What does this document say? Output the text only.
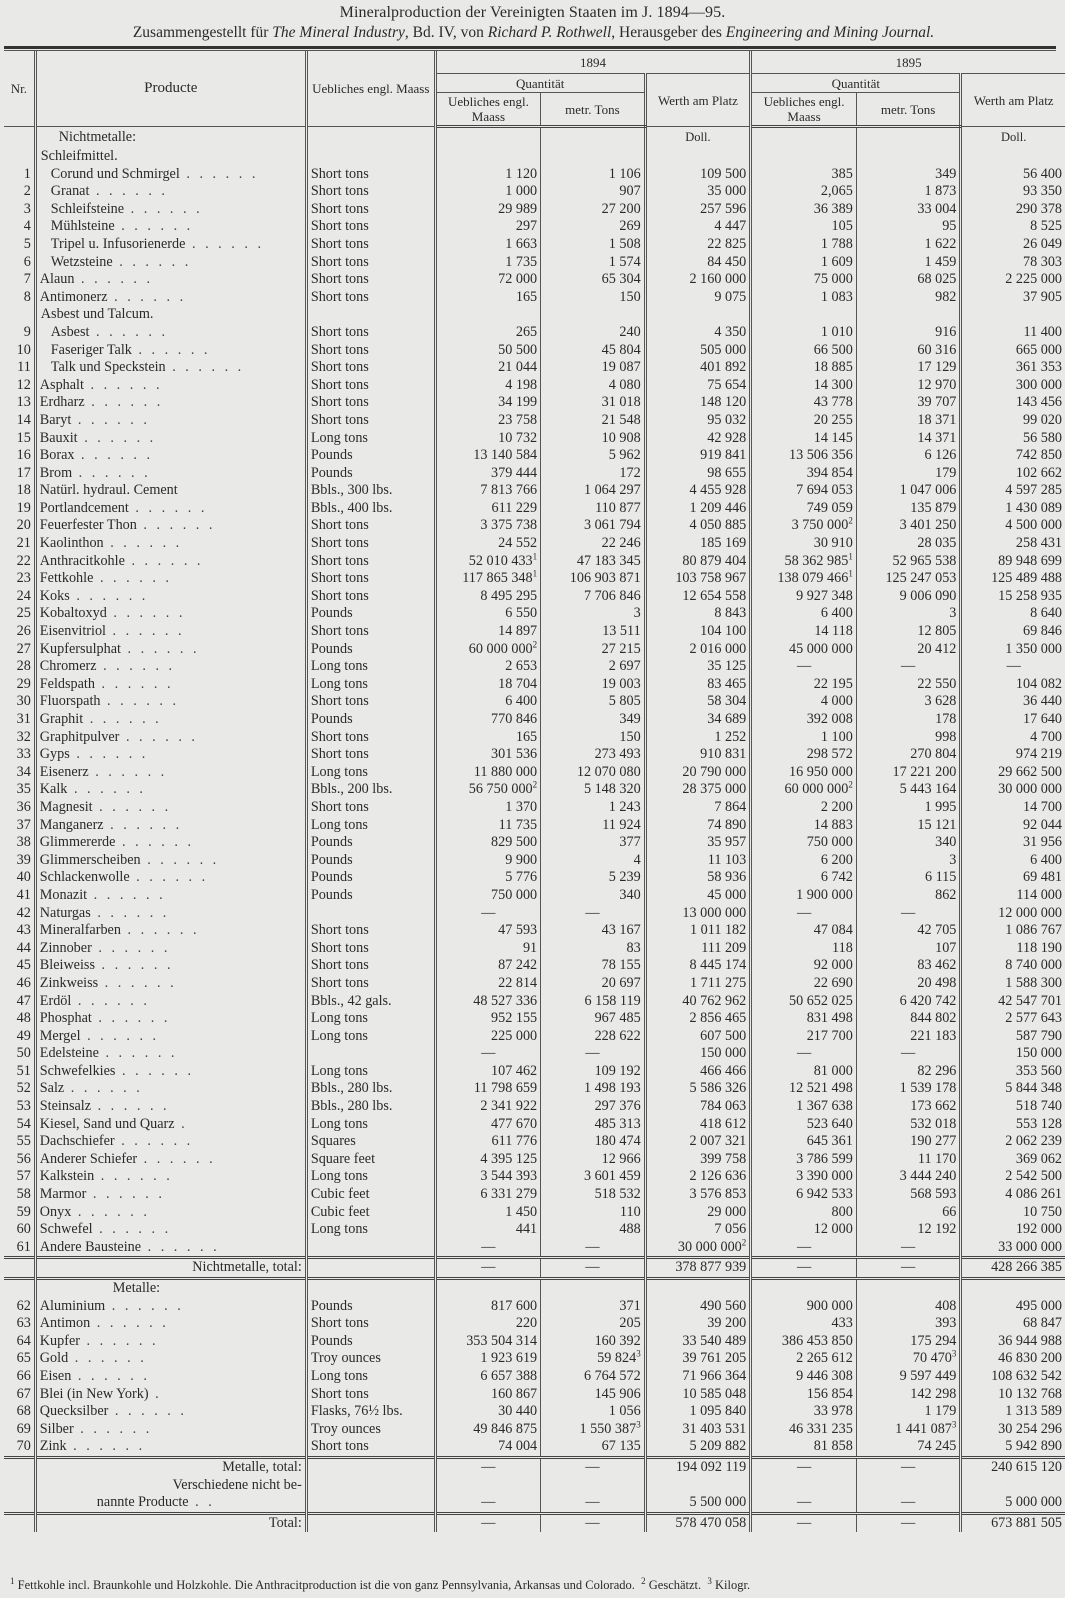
Mineralproduction der Vereinigten Staaten im J. 1894—95.
Zusammengestellt für The Mineral Industry, Bd. IV, von Richard P. Rothwell, Herausgeber des Engineering and Mining Journal.
Nr.	Producte	Uebliches engl. Maass	1894			1895		
			Quantität		Werth am Platz	Quantität		Werth am Platz
			Uebliches engl. Maass	metr. Tons		Uebliches engl. Maass	metr. Tons	
	Nichtmetalle:				Doll.			Doll.
	Schleifmittel.							
1	Corund und Schmirgel . . . . . .	Short tons	1 120	1 106	109 500	385	349	56 400
2	Granat . . . . . .	Short tons	1 000	907	35 000	2,065	1 873	93 350
3	Schleifsteine . . . . . .	Short tons	29 989	27 200	257 596	36 389	33 004	290 378
4	Mühlsteine . . . . . .	Short tons	297	269	4 447	105	95	8 525
5	Tripel u. Infusorienerde . . . . . .	Short tons	1 663	1 508	22 825	1 788	1 622	26 049
6	Wetzsteine . . . . . .	Short tons	1 735	1 574	84 450	1 609	1 459	78 303
7	Alaun . . . . . .	Short tons	72 000	65 304	2 160 000	75 000	68 025	2 225 000
8	Antimonerz . . . . . .	Short tons	165	150	9 075	1 083	982	37 905
	Asbest und Talcum.							
9	Asbest . . . . . .	Short tons	265	240	4 350	1 010	916	11 400
10	Faseriger Talk . . . . . .	Short tons	50 500	45 804	505 000	66 500	60 316	665 000
11	Talk und Speckstein . . . . . .	Short tons	21 044	19 087	401 892	18 885	17 129	361 353
12	Asphalt . . . . . .	Short tons	4 198	4 080	75 654	14 300	12 970	300 000
13	Erdharz . . . . . .	Short tons	34 199	31 018	148 120	43 778	39 707	143 456
14	Baryt . . . . . .	Short tons	23 758	21 548	95 032	20 255	18 371	99 020
15	Bauxit . . . . . .	Long tons	10 732	10 908	42 928	14 145	14 371	56 580
16	Borax . . . . . .	Pounds	13 140 584	5 962	919 841	13 506 356	6 126	742 850
17	Brom . . . . . .	Pounds	379 444	172	98 655	394 854	179	102 662
18	Natürl. hydraul. Cement	Bbls., 300 lbs.	7 813 766	1 064 297	4 455 928	7 694 053	1 047 006	4 597 285
19	Portlandcement . . . . . .	Bbls., 400 lbs.	611 229	110 877	1 209 446	749 059	135 879	1 430 089
20	Feuerfester Thon . . . . . .	Short tons	3 375 738	3 061 794	4 050 885	3 750 $000^2$	3 401 250	4 500 000
21	Kaolinthon . . . . . .	Short tons	24 552	22 246	185 169	30 910	28 035	258 431
22	Anthracitkohle . . . . . .	Short tons	52 010 $433^1$	47 183 345	80 879 404	58 362 $985^1$	52 965 538	89 948 699
23	Fettkohle . . . . . .	Short tons	117 865 $348^1$	106 903 871	103 758 967	138 079 $466^1$	125 247 053	125 489 488
24	Koks . . . . . .	Short tons	8 495 295	7 706 846	12 654 558	9 927 348	9 006 090	15 258 935
25	Kobaltoxyd . . . . . .	Pounds	6 550	3	8 843	6 400	3	8 640
26	Eisenvitriol . . . . . .	Short tons	14 897	13 511	104 100	14 118	12 805	69 846
27	Kupfersulphat . . . . . .	Pounds	60 000 $000^2$	27 215	2 016 000	45 000 000	20 412	1 350 000
28	Chromerz . . . . . .	Long tons	2 653	2 697	35 125	—	—	—
29	Feldspath . . . . . .	Long tons	18 704	19 003	83 465	22 195	22 550	104 082
30	Fluorspath . . . . . .	Short tons	6 400	5 805	58 304	4 000	3 628	36 440
31	Graphit . . . . . .	Pounds	770 846	349	34 689	392 008	178	17 640
32	Graphitpulver . . . . . .	Short tons	165	150	1 252	1 100	998	4 700
33	Gyps . . . . . .	Short tons	301 536	273 493	910 831	298 572	270 804	974 219
34	Eisenerz . . . . . .	Long tons	11 880 000	12 070 080	20 790 000	16 950 000	17 221 200	29 662 500
35	Kalk . . . . . .	Bbls., 200 lbs.	56 750 $000^2$	5 148 320	28 375 000	60 000 $000^2$	5 443 164	30 000 000
36	Magnesit . . . . . .	Short tons	1 370	1 243	7 864	2 200	1 995	14 700
37	Manganerz . . . . . .	Long tons	11 735	11 924	74 890	14 883	15 121	92 044
38	Glimmererde . . . . . .	Pounds	829 500	377	35 957	750 000	340	31 956
39	Glimmerscheiben . . . . . .	Pounds	9 900	4	11 103	6 200	3	6 400
40	Schlackenwolle . . . . . .	Pounds	5 776	5 239	58 936	6 742	6 115	69 481
41	Monazit . . . . . .	Pounds	750 000	340	45 000	1 900 000	862	114 000
42	Naturgas . . . . . .		—	—	13 000 000	—	—	12 000 000
43	Mineralfarben . . . . . .	Short tons	47 593	43 167	1 011 182	47 084	42 705	1 086 767
44	Zinnober . . . . . .	Short tons	91	83	111 209	118	107	118 190
45	Bleiweiss . . . . . .	Short tons	87 242	78 155	8 445 174	92 000	83 462	8 740 000
46	Zinkweiss . . . . . .	Short tons	22 814	20 697	1 711 275	22 690	20 498	1 588 300
47	Erdöl . . . . . .	Bbls., 42 gals.	48 527 336	6 158 119	40 762 962	50 652 025	6 420 742	42 547 701
48	Phosphat . . . . . .	Long tons	952 155	967 485	2 856 465	831 498	844 802	2 577 643
49	Mergel . . . . . .	Long tons	225 000	228 622	607 500	217 700	221 183	587 790
50	Edelsteine . . . . . .		—	—	150 000	—	—	150 000
51	Schwefelkies . . . . . .	Long tons	107 462	109 192	466 466	81 000	82 296	353 560
52	Salz . . . . . .	Bbls., 280 lbs.	11 798 659	1 498 193	5 586 326	12 521 498	1 539 178	5 844 348
53	Steinsalz . . . . . .	Bbls., 280 lbs.	2 341 922	297 376	784 063	1 367 638	173 662	518 740
54	Kiesel, Sand und Quarz .	Long tons	477 670	485 313	418 612	523 640	532 018	553 128
55	Dachschiefer . . . . . .	Squares	611 776	180 474	2 007 321	645 361	190 277	2 062 239
56	Anderer Schiefer . . . . . .	Square feet	4 395 125	12 966	399 758	3 786 599	11 170	369 062
57	Kalkstein . . . . . .	Long tons	3 544 393	3 601 459	2 126 636	3 390 000	3 444 240	2 542 500
58	Marmor . . . . . .	Cubic feet	6 331 279	518 532	3 576 853	6 942 533	568 593	4 086 261
59	Onyx . . . . . .	Cubic feet	1 450	110	29 000	800	66	10 750
60	Schwefel . . . . . .	Long tons	441	488	7 056	12 000	12 192	192 000
61	Andere Bausteine . . . . . .		—	—	30 000 $000^2$	—	—	33 000 000
	Nichtmetalle, total:		—	—	378 877 939	—	—	428 266 385
	Metalle:							
62	Aluminium . . . . . .	Pounds	817 600	371	490 560	900 000	408	495 000
63	Antimon . . . . . .	Short tons	220	205	39 200	433	393	68 847
64	Kupfer . . . . . .	Pounds	353 504 314	160 392	33 540 489	386 453 850	175 294	36 944 988
65	Gold . . . . . .	Troy ounces	1 923 619	59 $824^3$	39 761 205	2 265 612	70 $470^3$	46 830 200
66	Eisen . . . . . .	Long tons	6 657 388	6 764 572	71 966 364	9 446 308	9 597 449	108 632 542
67	Blei (in New York) .	Short tons	160 867	145 906	10 585 048	156 854	142 298	10 132 768
68	Quecksilber . . . . . .	Flasks, 76½ lbs.	30 440	1 056	1 095 840	33 978	1 179	1 313 589
69	Silber . . . . . .	Troy ounces	49 846 875	1 550 $387^3$	31 403 531	46 331 235	1 441 $087^3$	30 254 296
70	Zink . . . . . .	Short tons	74 004	67 135	5 209 882	81 858	74 245	5 942 890
	Metalle, total:		—	—	194 092 119	—	—	240 615 120
	Verschiedene nicht be-							
	nannte Producte . .		—	—	5 500 000	—	—	5 000 000
	Total:		—	—	578 470 058	—	—	673 881 505
$^1$ Fettkohle incl. Braunkohle und Holzkohle. Die Anthracitproduction ist die von ganz Pennsylvania, Arkansas und Colorado. $^2$ Geschätzt. $^3$ Kilogr.
